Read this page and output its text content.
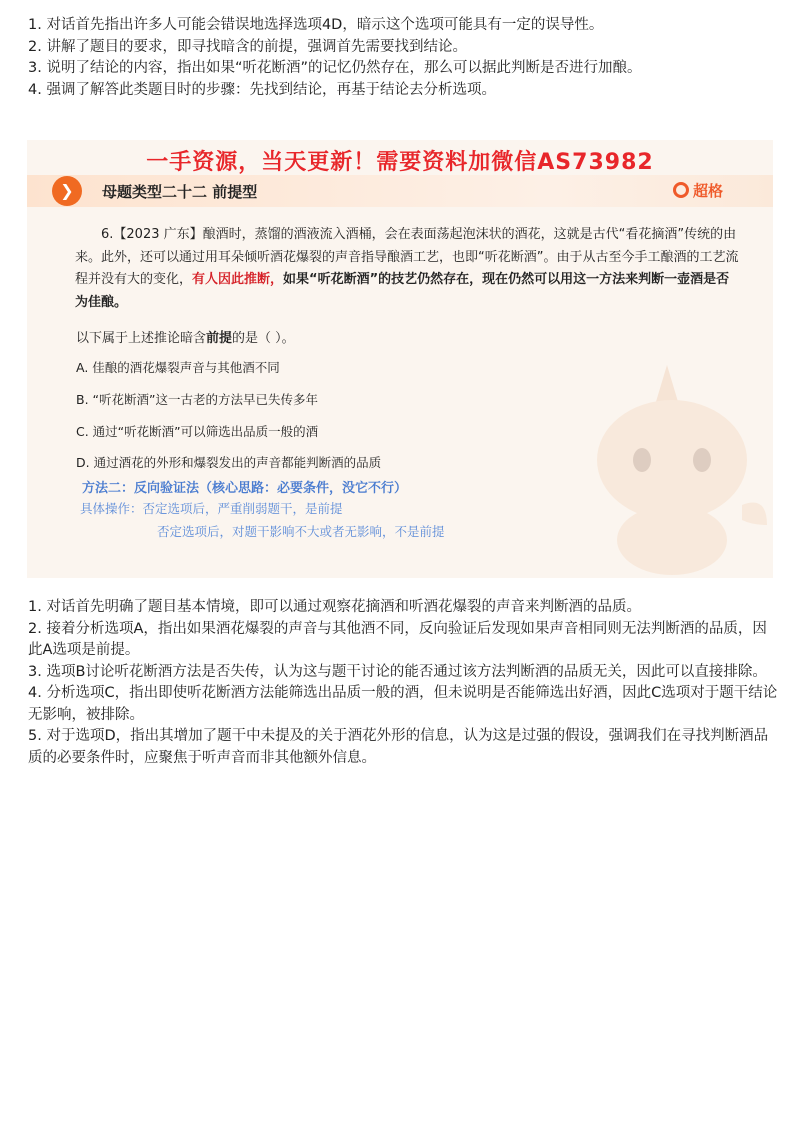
1. 对话首先指出许多人可能会错误地选择选项4D，暗示这个选项可能具有一定的误导性。

2. 讲解了题目的要求，即寻找暗含的前提，强调首先需要找到结论。

3. 说明了结论的内容，指出如果“听花断酒”的记忆仍然存在，那么可以据此判断是否进行加酿。

4. 强调了解答此类题目时的步骤：先找到结论，再基于结论去分析选项。

一手资源，当天更新！需要资料加微信AS73982
❯	母题类型二十二 前提型	超格
6.【2023 广东】酿酒时，蒸馏的酒液流入酒桶，会在表面荡起泡沫状的酒花，这就是古代“看花摘酒”传统的由来。此外，还可以通过用耳朵倾听酒花爆裂的声音指导酿酒工艺，也即“听花断酒”。由于从古至今手工酿酒的工艺流程并没有大的变化，有人因此推断，如果“听花断酒”的技艺仍然存在，现在仍然可以用这一方法来判断一壶酒是否为佳酿。
以下属于上述推论暗含前提的是（ ）。
A. 佳酿的酒花爆裂声音与其他酒不同
B. “听花断酒”这一古老的方法早已失传多年
C. 通过“听花断酒”可以筛选出品质一般的酒
D. 通过酒花的外形和爆裂发出的声音都能判断酒的品质
方法二：反向验证法（核心思路：必要条件，没它不行）
具体操作：否定选项后，严重削弱题干，是前提
否定选项后，对题干影响不大或者无影响，不是前提

1. 对话首先明确了题目基本情境，即可以通过观察花摘酒和听酒花爆裂的声音来判断酒的品质。

2. 接着分析选项A，指出如果酒花爆裂的声音与其他酒不同，反向验证后发现如果声音相同则无法判断酒的品质，因此A选项是前提。

3. 选项B讨论听花断酒方法是否失传，认为这与题干讨论的能否通过该方法判断酒的品质无关，因此可以直接排除。

4. 分析选项C，指出即使听花断酒方法能筛选出品质一般的酒，但未说明是否能筛选出好酒，因此C选项对于题干结论无影响，被排除。

5. 对于选项D，指出其增加了题干中未提及的关于酒花外形的信息，认为这是过强的假设，强调我们在寻找判断酒品质的必要条件时，应聚焦于听声音而非其他额外信息。
